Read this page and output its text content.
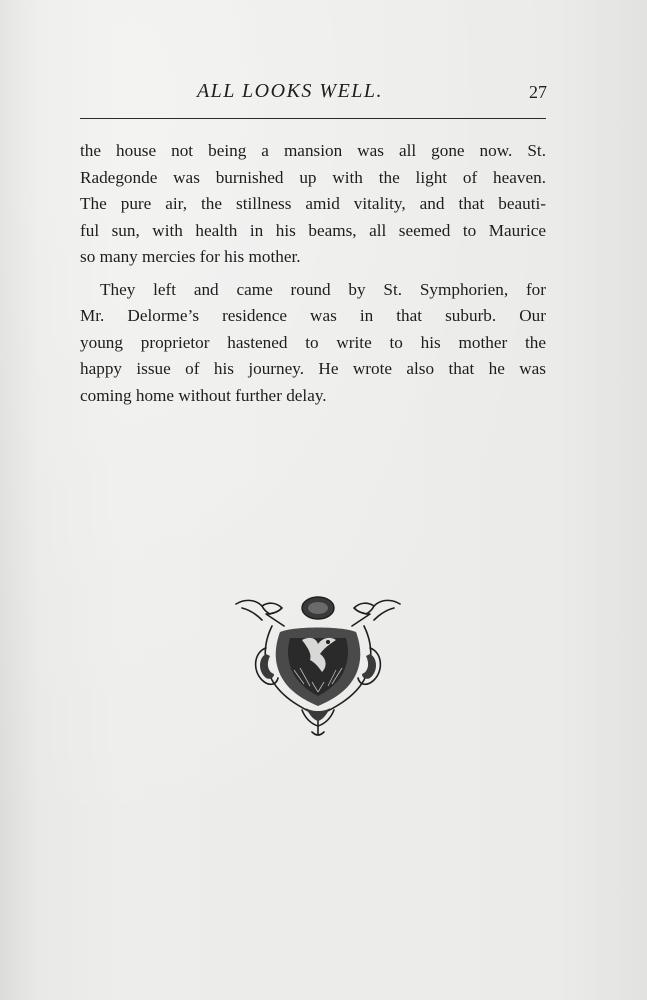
ALL LOOKS WELL.	27
the house not being a mansion was all gone now. St.
Radegonde was burnished up with the light of heaven.
The pure air, the stillness amid vitality, and that beauti-
ful sun, with health in his beams, all seemed to Maurice
so many mercies for his mother.
They left and came round by St. Symphorien, for
Mr. Delorme’s residence was in that suburb. Our
young proprietor hastened to write to his mother the
happy issue of his journey. He wrote also that he was
coming home without further delay.
